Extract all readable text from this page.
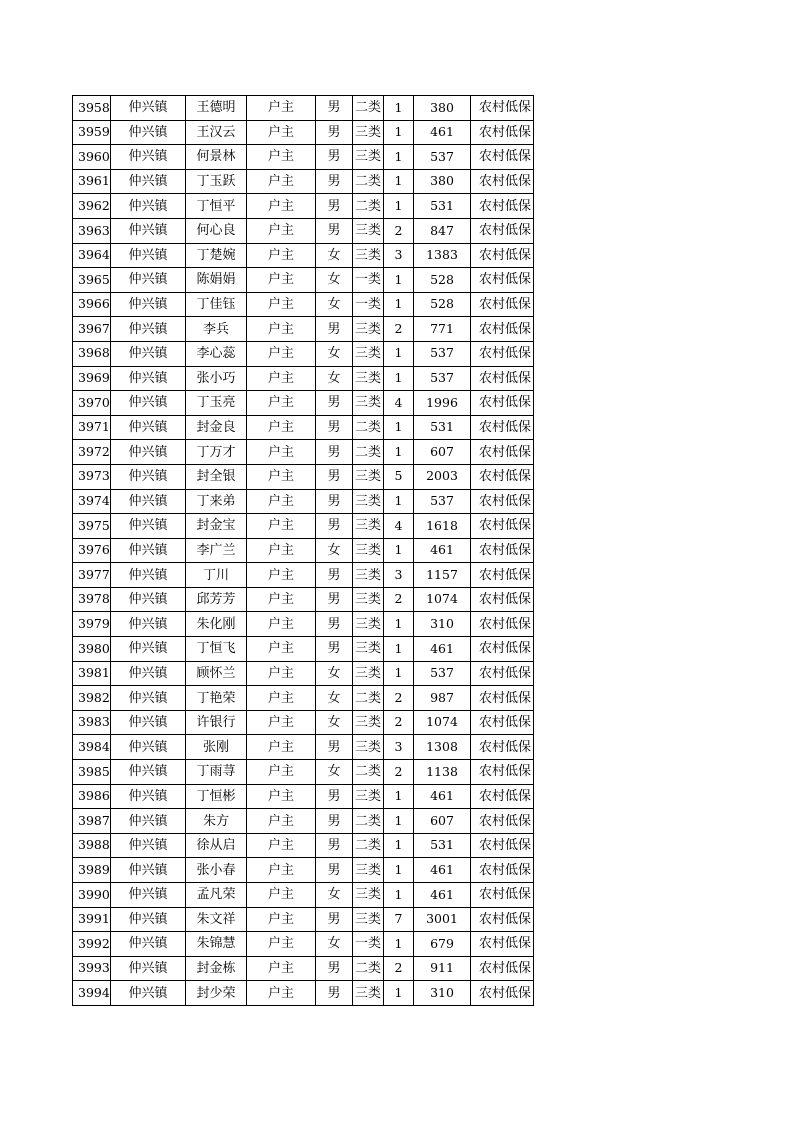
3958	仲兴镇	王德明	户主	男	二类	1	380	农村低保
3959	仲兴镇	王汉云	户主	男	三类	1	461	农村低保
3960	仲兴镇	何景林	户主	男	三类	1	537	农村低保
3961	仲兴镇	丁玉跃	户主	男	二类	1	380	农村低保
3962	仲兴镇	丁恒平	户主	男	二类	1	531	农村低保
3963	仲兴镇	何心良	户主	男	三类	2	847	农村低保
3964	仲兴镇	丁楚婉	户主	女	三类	3	1383	农村低保
3965	仲兴镇	陈娟娟	户主	女	一类	1	528	农村低保
3966	仲兴镇	丁佳钰	户主	女	一类	1	528	农村低保
3967	仲兴镇	李兵	户主	男	三类	2	771	农村低保
3968	仲兴镇	李心蕊	户主	女	三类	1	537	农村低保
3969	仲兴镇	张小巧	户主	女	三类	1	537	农村低保
3970	仲兴镇	丁玉亮	户主	男	三类	4	1996	农村低保
3971	仲兴镇	封金良	户主	男	二类	1	531	农村低保
3972	仲兴镇	丁万才	户主	男	二类	1	607	农村低保
3973	仲兴镇	封全银	户主	男	三类	5	2003	农村低保
3974	仲兴镇	丁来弟	户主	男	三类	1	537	农村低保
3975	仲兴镇	封金宝	户主	男	三类	4	1618	农村低保
3976	仲兴镇	李广兰	户主	女	三类	1	461	农村低保
3977	仲兴镇	丁川	户主	男	三类	3	1157	农村低保
3978	仲兴镇	邱芳芳	户主	男	三类	2	1074	农村低保
3979	仲兴镇	朱化刚	户主	男	三类	1	310	农村低保
3980	仲兴镇	丁恒飞	户主	男	三类	1	461	农村低保
3981	仲兴镇	顾怀兰	户主	女	三类	1	537	农村低保
3982	仲兴镇	丁艳荣	户主	女	二类	2	987	农村低保
3983	仲兴镇	许银行	户主	女	三类	2	1074	农村低保
3984	仲兴镇	张刚	户主	男	三类	3	1308	农村低保
3985	仲兴镇	丁雨荨	户主	女	二类	2	1138	农村低保
3986	仲兴镇	丁恒彬	户主	男	三类	1	461	农村低保
3987	仲兴镇	朱方	户主	男	二类	1	607	农村低保
3988	仲兴镇	徐从启	户主	男	二类	1	531	农村低保
3989	仲兴镇	张小春	户主	男	三类	1	461	农村低保
3990	仲兴镇	孟凡荣	户主	女	三类	1	461	农村低保
3991	仲兴镇	朱文祥	户主	男	三类	7	3001	农村低保
3992	仲兴镇	朱锦慧	户主	女	一类	1	679	农村低保
3993	仲兴镇	封金栋	户主	男	二类	2	911	农村低保
3994	仲兴镇	封少荣	户主	男	三类	1	310	农村低保
